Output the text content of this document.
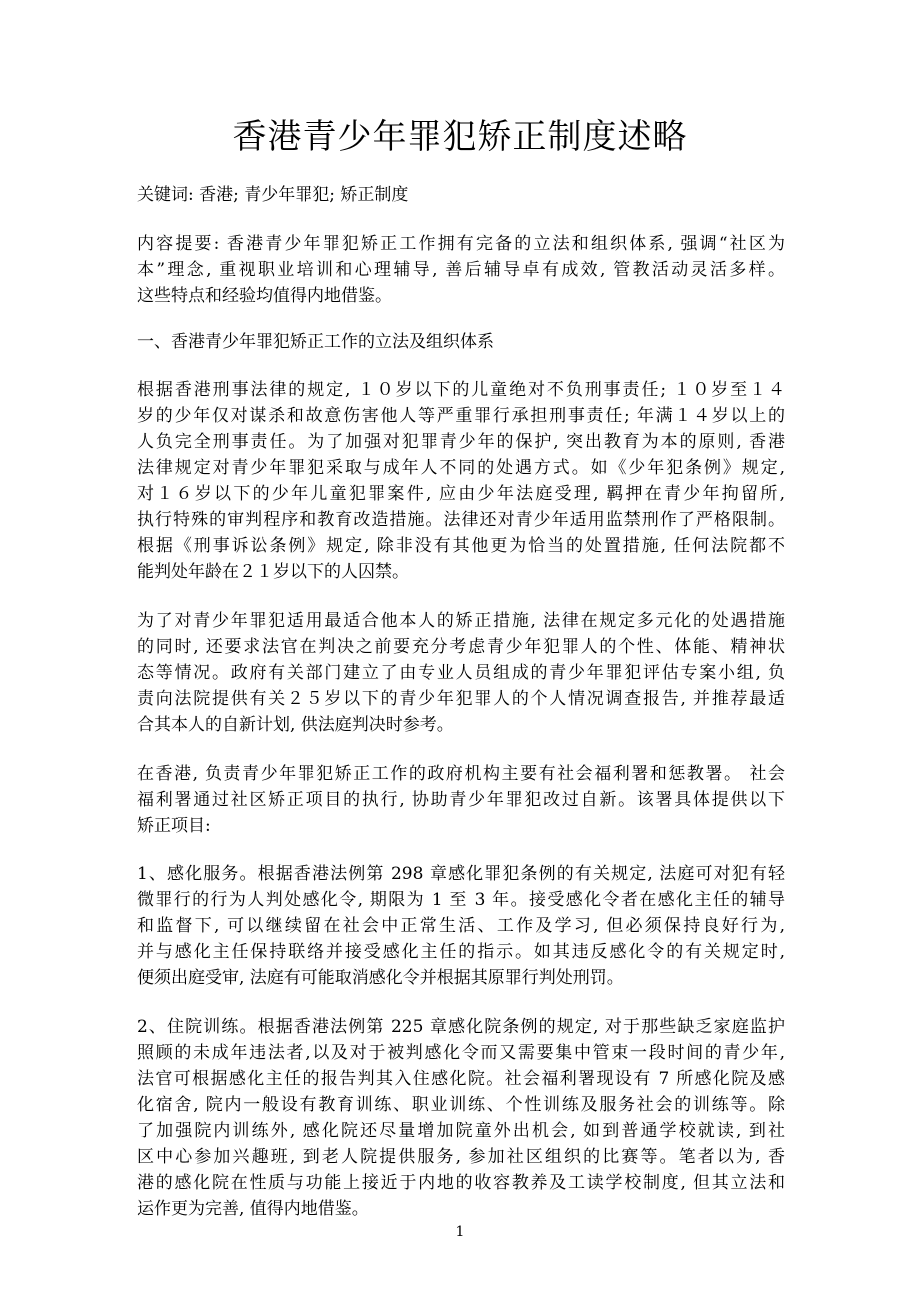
香港青少年罪犯矫正制度述略

关键词: 香港; 青少年罪犯; 矫正制度

内容提要: 香港青少年罪犯矫正工作拥有完备的立法和组织体系, 强调“社区为

本”理念, 重视职业培训和心理辅导, 善后辅导卓有成效, 管教活动灵活多样。

这些特点和经验均值得内地借鉴。

一、香港青少年罪犯矫正工作的立法及组织体系

根据香港刑事法律的规定, １０岁以下的儿童绝对不负刑事责任; １０岁至１４

岁的少年仅对谋杀和故意伤害他人等严重罪行承担刑事责任; 年满１４岁以上的

人负完全刑事责任。为了加强对犯罪青少年的保护, 突出教育为本的原则, 香港

法律规定对青少年罪犯采取与成年人不同的处遇方式。如《少年犯条例》规定,

对１６岁以下的少年儿童犯罪案件, 应由少年法庭受理, 羁押在青少年拘留所,

执行特殊的审判程序和教育改造措施。法律还对青少年适用监禁刑作了严格限制。

根据《刑事诉讼条例》规定, 除非没有其他更为恰当的处置措施, 任何法院都不

能判处年龄在２１岁以下的人囚禁。

为了对青少年罪犯适用最适合他本人的矫正措施, 法律在规定多元化的处遇措施

的同时, 还要求法官在判决之前要充分考虑青少年犯罪人的个性、体能、精神状

态等情况。政府有关部门建立了由专业人员组成的青少年罪犯评估专案小组, 负

责向法院提供有关２５岁以下的青少年犯罪人的个人情况调查报告, 并推荐最适

合其本人的自新计划, 供法庭判决时参考。

在香港, 负责青少年罪犯矫正工作的政府机构主要有社会福利署和惩教署。 社会

福利署通过社区矫正项目的执行, 协助青少年罪犯改过自新。该署具体提供以下

矫正项目:

1、感化服务。根据香港法例第 298 章感化罪犯条例的有关规定, 法庭可对犯有轻

微罪行的行为人判处感化令, 期限为 1 至 3 年。接受感化令者在感化主任的辅导

和监督下, 可以继续留在社会中正常生活、工作及学习, 但必须保持良好行为,

并与感化主任保持联络并接受感化主任的指示。如其违反感化令的有关规定时,

便须出庭受审, 法庭有可能取消感化令并根据其原罪行判处刑罚。

2、住院训练。根据香港法例第 225 章感化院条例的规定, 对于那些缺乏家庭监护

照顾的未成年违法者,以及对于被判感化令而又需要集中管束一段时间的青少年,

法官可根据感化主任的报告判其入住感化院。社会福利署现设有 7 所感化院及感

化宿舍, 院内一般设有教育训练、职业训练、个性训练及服务社会的训练等。除

了加强院内训练外, 感化院还尽量增加院童外出机会, 如到普通学校就读, 到社

区中心参加兴趣班, 到老人院提供服务, 参加社区组织的比赛等。笔者以为, 香

港的感化院在性质与功能上接近于内地的收容教养及工读学校制度, 但其立法和

运作更为完善, 值得内地借鉴。

1
